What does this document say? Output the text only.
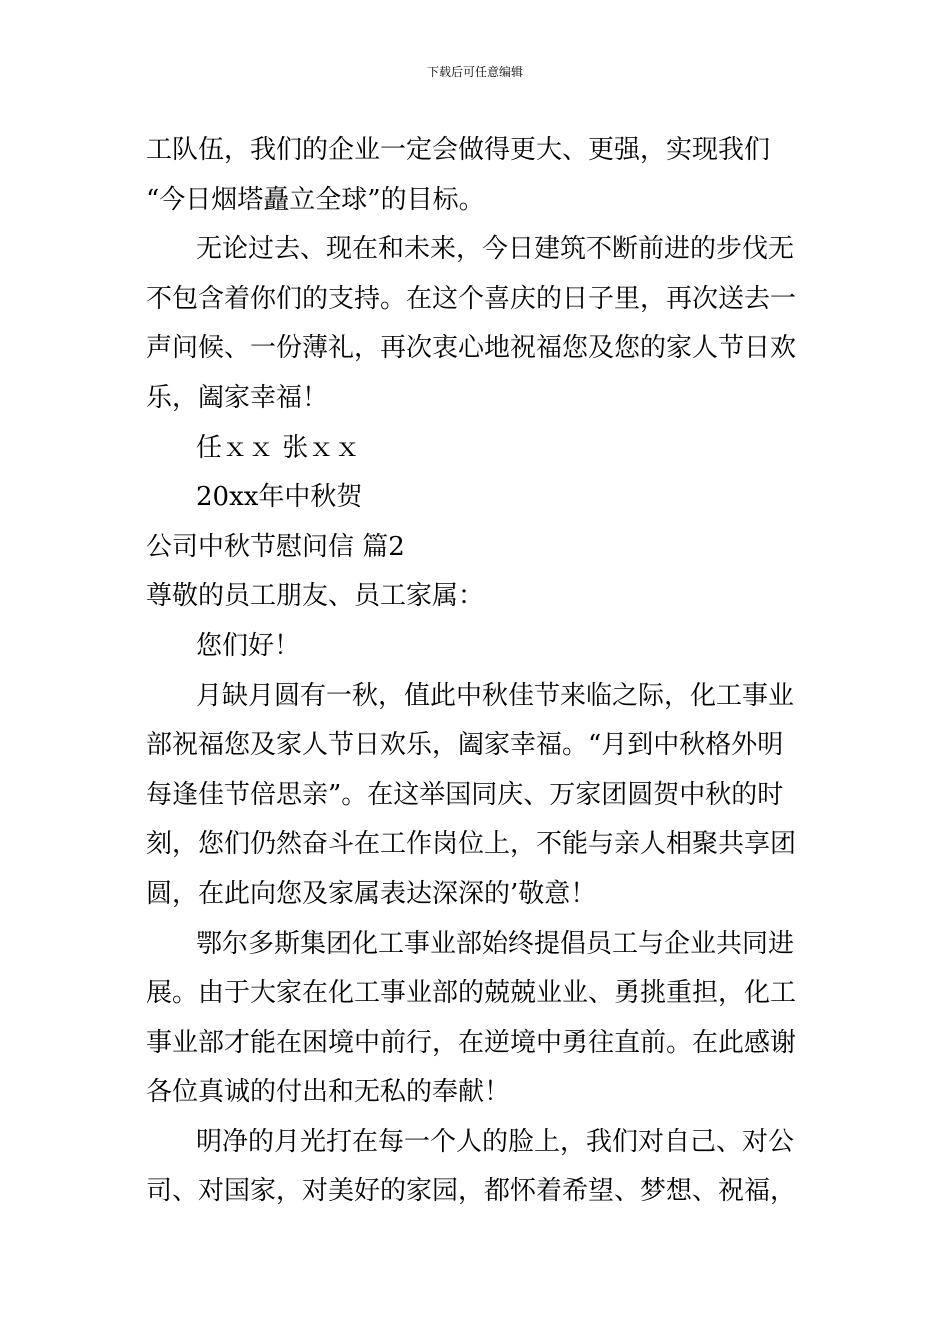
下载后可任意编辑
工队伍，我们的企业一定会做得更大、更强，实现我们
“今日烟塔矗立全球”的目标。
无论过去、现在和未来，今日建筑不断前进的步伐无
不包含着你们的支持。在这个喜庆的日子里，再次送去一
声问候、一份薄礼，再次衷心地祝福您及您的家人节日欢
乐，阖家幸福！
任ｘｘ 张ｘｘ
20xx年中秋贺
公司中秋节慰问信 篇2
尊敬的员工朋友、员工家属：
您们好！
月缺月圆有一秋，值此中秋佳节来临之际，化工事业
部祝福您及家人节日欢乐，阖家幸福。“月到中秋格外明
每逢佳节倍思亲”。在这举国同庆、万家团圆贺中秋的时
刻，您们仍然奋斗在工作岗位上，不能与亲人相聚共享团
圆，在此向您及家属表达深深的’敬意！
鄂尔多斯集团化工事业部始终提倡员工与企业共同进
展。由于大家在化工事业部的兢兢业业、勇挑重担，化工
事业部才能在困境中前行，在逆境中勇往直前。在此感谢
各位真诚的付出和无私的奉献！
明净的月光打在每一个人的脸上，我们对自己、对公
司、对国家，对美好的家园，都怀着希望、梦想、祝福，
